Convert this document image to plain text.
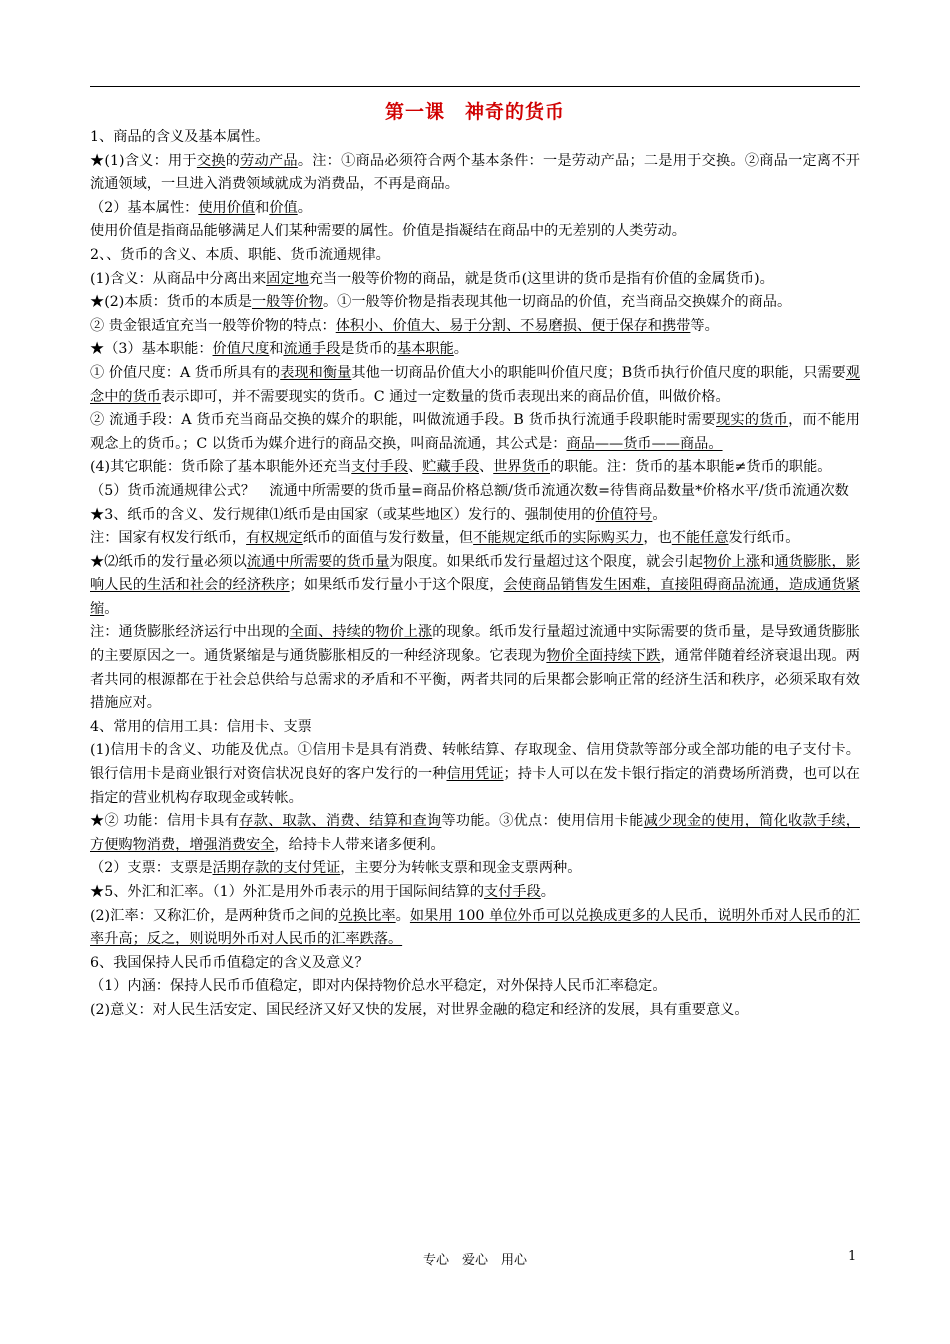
第一课　神奇的货币

1、商品的含义及基本属性。

★(1)含义：用于交换的劳动产品。注：①商品必须符合两个基本条件：一是劳动产品；二是用于交换。②商品一定离不开流通领域，一旦进入消费领域就成为消费品，不再是商品。

（2）基本属性：使用价值和价值。

使用价值是指商品能够满足人们某种需要的属性。价值是指凝结在商品中的无差别的人类劳动。

2、、货币的含义、本质、职能、货币流通规律。

(1)含义：从商品中分离出来固定地充当一般等价物的商品，就是货币(这里讲的货币是指有价值的金属货币)。

★(2)本质：货币的本质是一般等价物。①一般等价物是指表现其他一切商品的价值，充当商品交换媒介的商品。

② 贵金银适宜充当一般等价物的特点：体积小、价值大、易于分割、不易磨损、便于保存和携带等。

★（3）基本职能：价值尺度和流通手段是货币的基本职能。

① 价值尺度：A 货币所具有的表现和衡量其他一切商品价值大小的职能叫价值尺度；B货币执行价值尺度的职能，只需要观念中的货币表示即可，并不需要现实的货币。C 通过一定数量的货币表现出来的商品价值，叫做价格。

② 流通手段：A 货币充当商品交换的媒介的职能，叫做流通手段。B 货币执行流通手段职能时需要现实的货币，而不能用观念上的货币。；C 以货币为媒介进行的商品交换，叫商品流通，其公式是：商品——货币——商品。

(4)其它职能：货币除了基本职能外还充当支付手段、贮藏手段、世界货币的职能。注：货币的基本职能≠货币的职能。

（5）货币流通规律公式？　流通中所需要的货币量=商品价格总额/货币流通次数=待售商品数量*价格水平/货币流通次数

★3、纸币的含义、发行规律⑴纸币是由国家（或某些地区）发行的、强制使用的价值符号。

注：国家有权发行纸币，有权规定纸币的面值与发行数量，但不能规定纸币的实际购买力，也不能任意发行纸币。

★⑵纸币的发行量必须以流通中所需要的货币量为限度。如果纸币发行量超过这个限度，就会引起物价上涨和通货膨胀，影响人民的生活和社会的经济秩序；如果纸币发行量小于这个限度，会使商品销售发生困难，直接阻碍商品流通，造成通货紧缩。

注：通货膨胀经济运行中出现的全面、持续的物价上涨的现象。纸币发行量超过流通中实际需要的货币量，是导致通货膨胀的主要原因之一。通货紧缩是与通货膨胀相反的一种经济现象。它表现为物价全面持续下跌，通常伴随着经济衰退出现。两者共同的根源都在于社会总供给与总需求的矛盾和不平衡，两者共同的后果都会影响正常的经济生活和秩序，必须采取有效措施应对。

4、常用的信用工具：信用卡、支票

(1)信用卡的含义、功能及优点。①信用卡是具有消费、转帐结算、存取现金、信用贷款等部分或全部功能的电子支付卡。银行信用卡是商业银行对资信状况良好的客户发行的一种信用凭证；持卡人可以在发卡银行指定的消费场所消费，也可以在指定的营业机构存取现金或转帐。

★② 功能：信用卡具有存款、取款、消费、结算和查询等功能。③优点：使用信用卡能减少现金的使用，简化收款手续，方便购物消费，增强消费安全，给持卡人带来诸多便利。

（2）支票：支票是活期存款的支付凭证，主要分为转帐支票和现金支票两种。

★5、外汇和汇率。（1）外汇是用外币表示的用于国际间结算的支付手段。

(2)汇率：又称汇价，是两种货币之间的兑换比率。如果用 100 单位外币可以兑换成更多的人民币，说明外币对人民币的汇率升高；反之，则说明外币对人民币的汇率跌落。

6、我国保持人民币币值稳定的含义及意义？

（1）内涵：保持人民币币值稳定，即对内保持物价总水平稳定，对外保持人民币汇率稳定。

(2)意义：对人民生活安定、国民经济又好又快的发展，对世界金融的稳定和经济的发展，具有重要意义。

专心　爱心　用心	1
